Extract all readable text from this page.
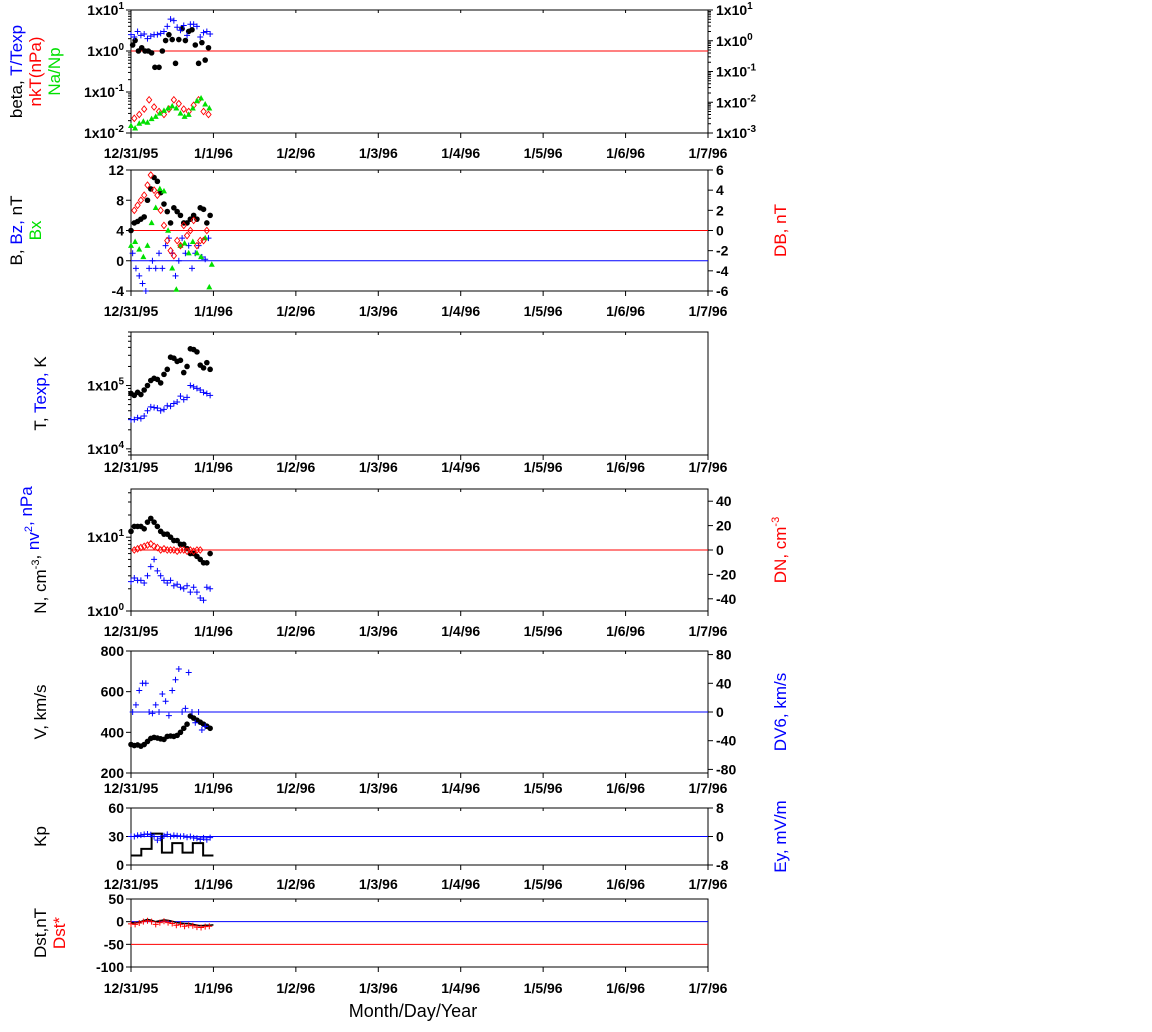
12/31/95	1/1/96	1/2/96	1/3/96	1/4/96	1/5/96	1/6/96	1/7/96
$1x10^{-2}$
$1x10^{-1}$
$1x10^0$
$1x10^1$
$1x10^{-3}$
$1x10^{-2}$
$1x10^{-1}$
$1x10^0$
$1x10^1$
beta, T/Texp nkT(nPa) Na/Np
12/31/95	1/1/96	1/2/96	1/3/96	1/4/96	1/5/96	1/6/96	1/7/96
-4
0
4
8
12
-6
-4
-2
0
2
4
6
B, Bz, nT
Bx	DB, nT
12/31/95	1/1/96	1/2/96	1/3/96	1/4/96	1/5/96	1/6/96	1/7/96
$1x10^4$
$1x10^5$
T, Texp, K
12/31/95	1/1/96	1/2/96	1/3/96	1/4/96	1/5/96	1/6/96	1/7/96
$1x10^0$
$1x10^1$
-40
-20
0
20
40
N, $cm^{-3}$, $nv^2$, nPa
DN, $cm^{-3}$
12/31/95	1/1/96	1/2/96	1/3/96	1/4/96	1/5/96	1/6/96	1/7/96
200
400
600
800
-80
-40
0
40
80
V, km/s	DV6, km/s
12/31/95	1/1/96	1/2/96	1/3/96	1/4/96	1/5/96	1/6/96	1/7/96
0
30
60
-8
0
8
Kp	Ey, mV/m
12/31/95	1/1/96	1/2/96	1/3/96	1/4/96	1/5/96	1/6/96	1/7/96
-100
-50
0
50
Dst,nT Dst*
Month/Day/Year
